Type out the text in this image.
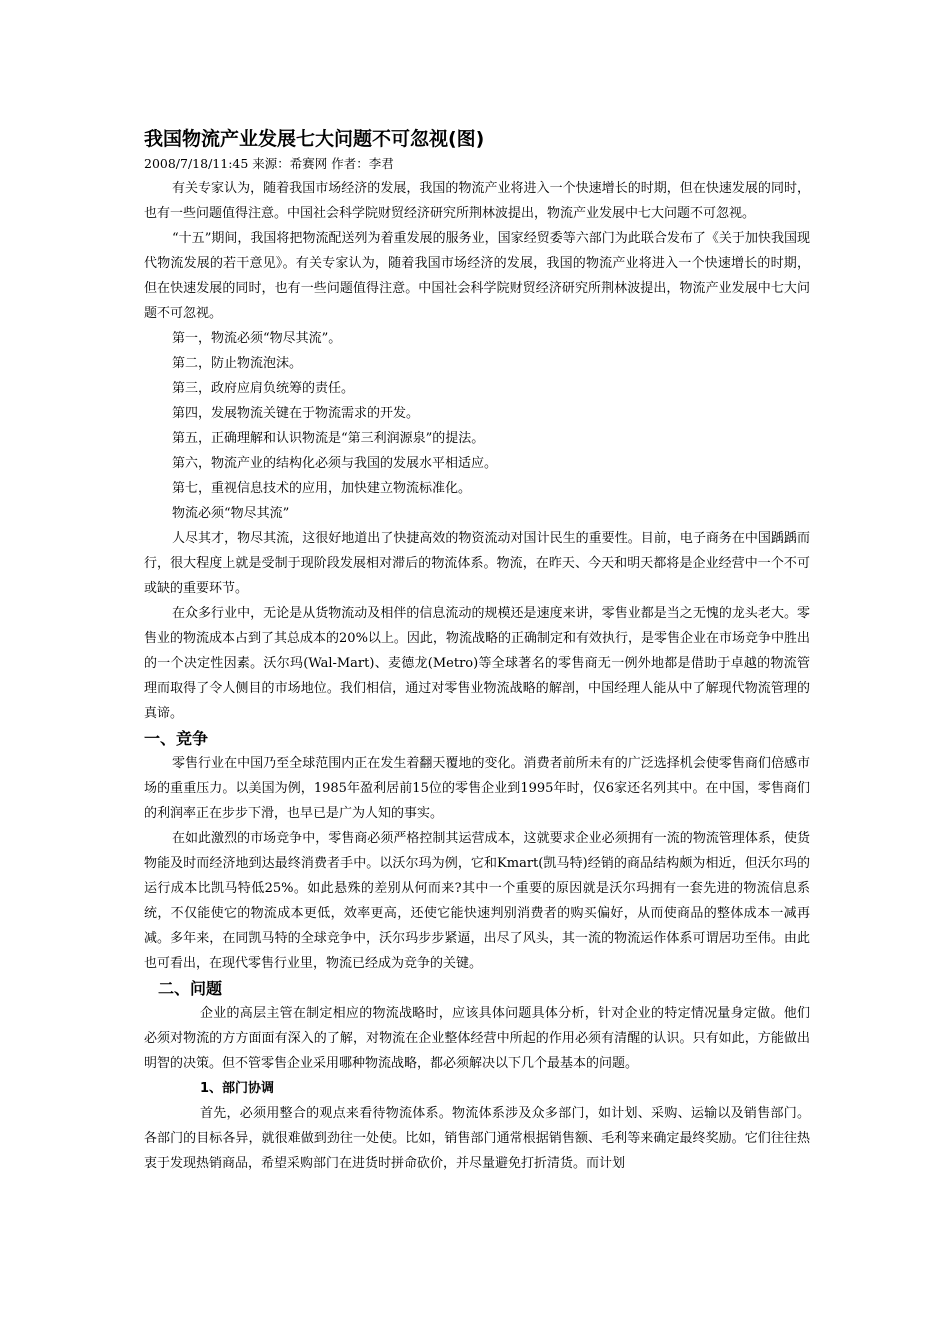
我国物流产业发展七大问题不可忽视(图)
2008/7/18/11:45 来源：希赛网 作者：李君

有关专家认为，随着我国市场经济的发展，我国的物流产业将进入一个快速增长的时期，但在快速发展的同时，也有一些问题值得注意。中国社会科学院财贸经济研究所荆林波提出，物流产业发展中七大问题不可忽视。

“十五”期间，我国将把物流配送列为着重发展的服务业，国家经贸委等六部门为此联合发布了《关于加快我国现代物流发展的若干意见》。有关专家认为，随着我国市场经济的发展，我国的物流产业将进入一个快速增长的时期，但在快速发展的同时，也有一些问题值得注意。中国社会科学院财贸经济研究所荆林波提出，物流产业发展中七大问题不可忽视。

第一，物流必须“物尽其流”。

第二，防止物流泡沫。

第三，政府应肩负统筹的责任。

第四，发展物流关键在于物流需求的开发。

第五，正确理解和认识物流是“第三利润源泉”的提法。

第六，物流产业的结构化必须与我国的发展水平相适应。

第七，重视信息技术的应用，加快建立物流标准化。

物流必须“物尽其流”

人尽其才，物尽其流，这很好地道出了快捷高效的物资流动对国计民生的重要性。目前，电子商务在中国踽踽而行，很大程度上就是受制于现阶段发展相对滞后的物流体系。物流，在昨天、今天和明天都将是企业经营中一个不可或缺的重要环节。

在众多行业中，无论是从货物流动及相伴的信息流动的规模还是速度来讲，零售业都是当之无愧的龙头老大。零售业的物流成本占到了其总成本的20%以上。因此，物流战略的正确制定和有效执行，是零售企业在市场竞争中胜出的一个决定性因素。沃尔玛(Wal-Mart)、麦德龙(Metro)等全球著名的零售商无一例外地都是借助于卓越的物流管理而取得了令人侧目的市场地位。我们相信，通过对零售业物流战略的解剖，中国经理人能从中了解现代物流管理的真谛。

一、竞争

零售行业在中国乃至全球范围内正在发生着翻天覆地的变化。消费者前所未有的广泛选择机会使零售商们倍感市场的重重压力。以美国为例，1985年盈利居前15位的零售企业到1995年时，仅6家还名列其中。在中国，零售商们的利润率正在步步下滑，也早已是广为人知的事实。

在如此激烈的市场竞争中，零售商必须严格控制其运营成本，这就要求企业必须拥有一流的物流管理体系，使货物能及时而经济地到达最终消费者手中。以沃尔玛为例，它和Kmart(凯马特)经销的商品结构颇为相近，但沃尔玛的运行成本比凯马特低25%。如此悬殊的差别从何而来?其中一个重要的原因就是沃尔玛拥有一套先进的物流信息系统，不仅能使它的物流成本更低，效率更高，还使它能快速判别消费者的购买偏好，从而使商品的整体成本一减再减。多年来，在同凯马特的全球竞争中，沃尔玛步步紧逼，出尽了风头，其一流的物流运作体系可谓居功至伟。由此也可看出，在现代零售行业里，物流已经成为竞争的关键。

二、问题

企业的高层主管在制定相应的物流战略时，应该具体问题具体分析，针对企业的特定情况量身定做。他们必须对物流的方方面面有深入的了解，对物流在企业整体经营中所起的作用必须有清醒的认识。只有如此，方能做出明智的决策。但不管零售企业采用哪种物流战略，都必须解决以下几个最基本的问题。

1、部门协调

首先，必须用整合的观点来看待物流体系。物流体系涉及众多部门，如计划、采购、运输以及销售部门。各部门的目标各异，就很难做到劲往一处使。比如，销售部门通常根据销售额、毛利等来确定最终奖励。它们往往热衷于发现热销商品，希望采购部门在进货时拼命砍价，并尽量避免打折清货。而计划
